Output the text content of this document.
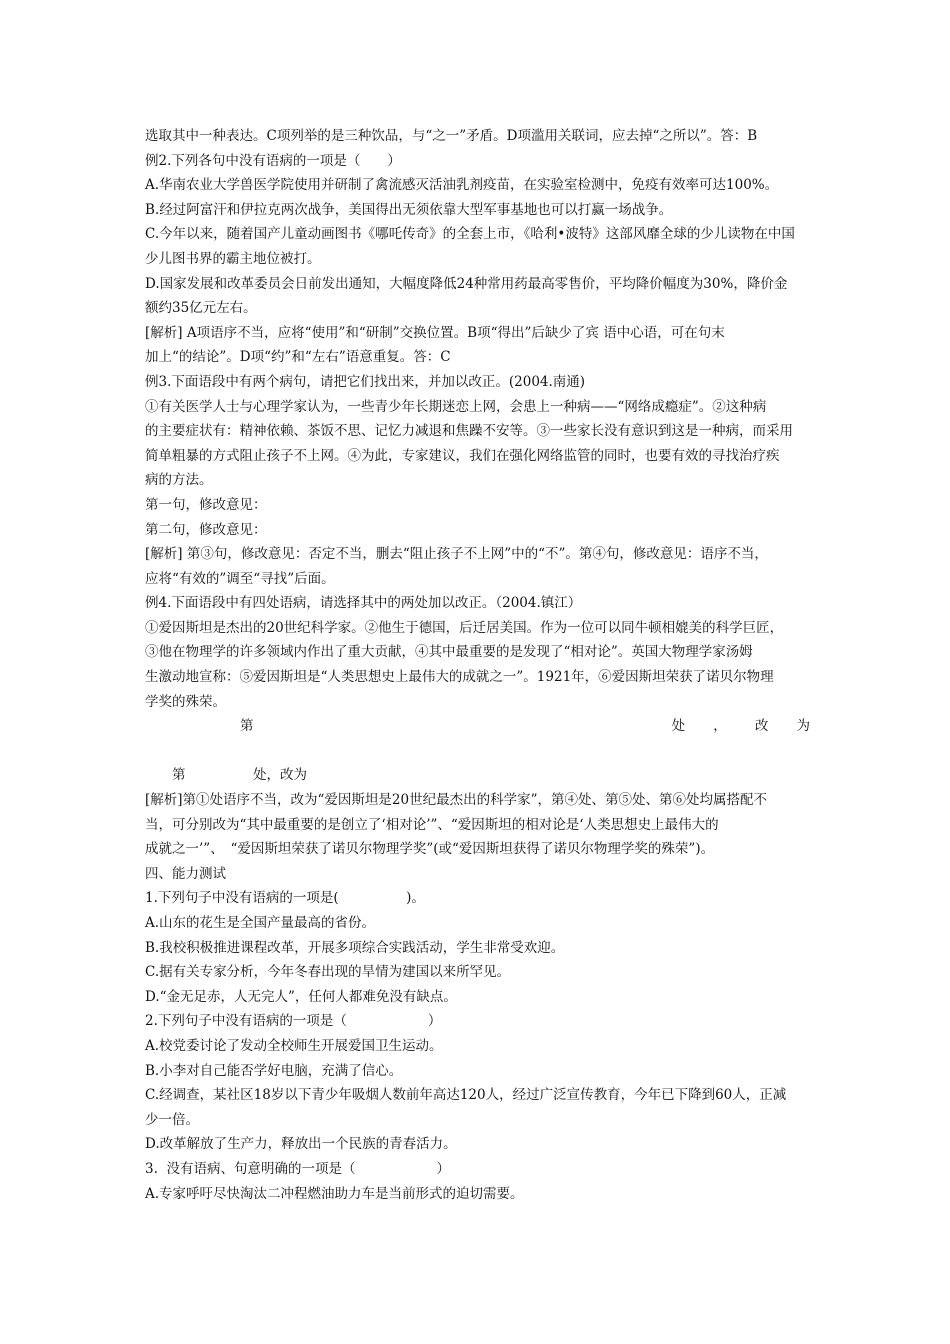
选取其中一种表达。C项列举的是三种饮品，与“之一”矛盾。D项滥用关联词，应去掉“之所以”。答：B
例2.下列各句中没有语病的一项是（　　）
A.华南农业大学兽医学院使用并研制了禽流感灭活油乳剂疫苗，在实验室检测中，免疫有效率可达100%。
B.经过阿富汗和伊拉克两次战争，美国得出无须依靠大型军事基地也可以打赢一场战争。
C.今年以来，随着国产儿童动画图书《哪吒传奇》的全套上市，《哈利•波特》这部风靡全球的少儿读物在中国
少儿图书界的霸主地位被打。
D.国家发展和改革委员会日前发出通知，大幅度降低24种常用药最高零售价，平均降价幅度为30%，降价金
额约35亿元左右。
[解析] A项语序不当，应将“使用”和“研制”交换位置。B项“得出”后缺少了宾 语中心语，可在句末
加上“的结论”。D项“约”和“左右”语意重复。答：C
例3.下面语段中有两个病句，请把它们找出来，并加以改正。(2004.南通)
①有关医学人士与心理学家认为，一些青少年长期迷恋上网，会患上一种病——“网络成瘾症”。②这种病
的主要症状有：精神依赖、茶饭不思、记忆力减退和焦躁不安等。③一些家长没有意识到这是一种病，而采用
简单粗暴的方式阻止孩子不上网。④为此，专家建议，我们在强化网络监管的同时，也要有效的寻找治疗疾
病的方法。
第一句，修改意见：
第二句，修改意见：
[解析] 第③句，修改意见：否定不当，删去“阻止孩子不上网”中的“不”。第④句，修改意见：语序不当，
应将“有效的”调至“寻找”后面。
例4.下面语段中有四处语病，请选择其中的两处加以改正。（2004.镇江）
①爱因斯坦是杰出的20世纪科学家。②他生于德国，后迁居美国。作为一位可以同牛顿相媲美的科学巨匠，
③他在物理学的许多领域内作出了重大贡献，④其中最重要的是发现了“相对论”。英国大物理学家汤姆
生激动地宣称：⑤爱因斯坦是“人类思想史上最伟大的成就之一”。1921年，⑥爱因斯坦荣获了诺贝尔物理
学奖的殊荣。
第	处 ， 改 为
　　第　　　　　处，改为
[解析]第①处语序不当，改为“爱因斯坦是20世纪最杰出的科学家”，第④处、第⑤处、第⑥处均属搭配不
当，可分别改为“其中最重要的是创立了‘相对论’”、“爱因斯坦的相对论是‘人类思想史上最伟大的
成就之一’”、　“爱因斯坦荣获了诺贝尔物理学奖”(或“爱因斯坦获得了诺贝尔物理学奖的殊荣”)。
四、能力测试
1.下列句子中没有语病的一项是(　　　　　)。
A.山东的花生是全国产量最高的省份。
B.我校积极推进课程改革，开展多项综合实践活动，学生非常受欢迎。
C.据有关专家分析，今年冬春出现的旱情为建国以来所罕见。
D.“金无足赤，人无完人”，任何人都难免没有缺点。
2.下列句子中没有语病的一项是（　　　　　　）
A.校党委讨论了发动全校师生开展爱国卫生运动。
B.小李对自己能否学好电脑，充满了信心。
C.经调查，某社区18岁以下青少年吸烟人数前年高达120人，经过广泛宣传教育，今年已下降到60人，正减
少一倍。
D.改革解放了生产力，释放出一个民族的青春活力。
3.  没有语病、句意明确的一项是（　　　　　　）
A.专家呼吁尽快淘汰二冲程燃油助力车是当前形式的迫切需要。
